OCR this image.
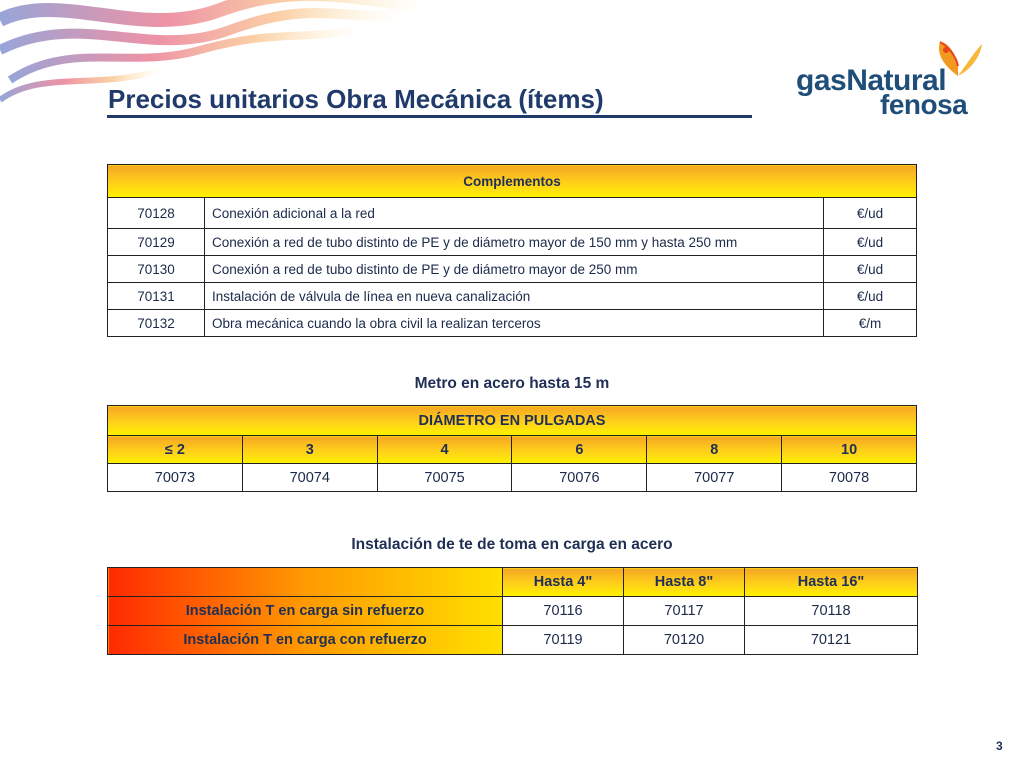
Precios unitarios Obra Mecánica (ítems)
gasNatural
fenosa
Complementos		
70128	Conexión adicional a la red	€/ud
70129	Conexión a red de tubo distinto de PE y de diámetro mayor de 150 mm y hasta 250 mm	€/ud
70130	Conexión a red de tubo distinto de PE y de diámetro mayor de 250 mm	€/ud
70131	Instalación de válvula de línea en nueva canalización	€/ud
70132	Obra mecánica cuando la obra civil la realizan terceros	€/m

Metro en acero hasta 15 m

DIÁMETRO EN PULGADAS					
≤ 2	3	4	6	8	10
70073	70074	70075	70076	70077	70078

Instalación de te de toma en carga en acero

	Hasta 4"	Hasta 8"	Hasta 16"
Instalación T en carga sin refuerzo	70116	70117	70118
Instalación T en carga con refuerzo	70119	70120	70121
3
